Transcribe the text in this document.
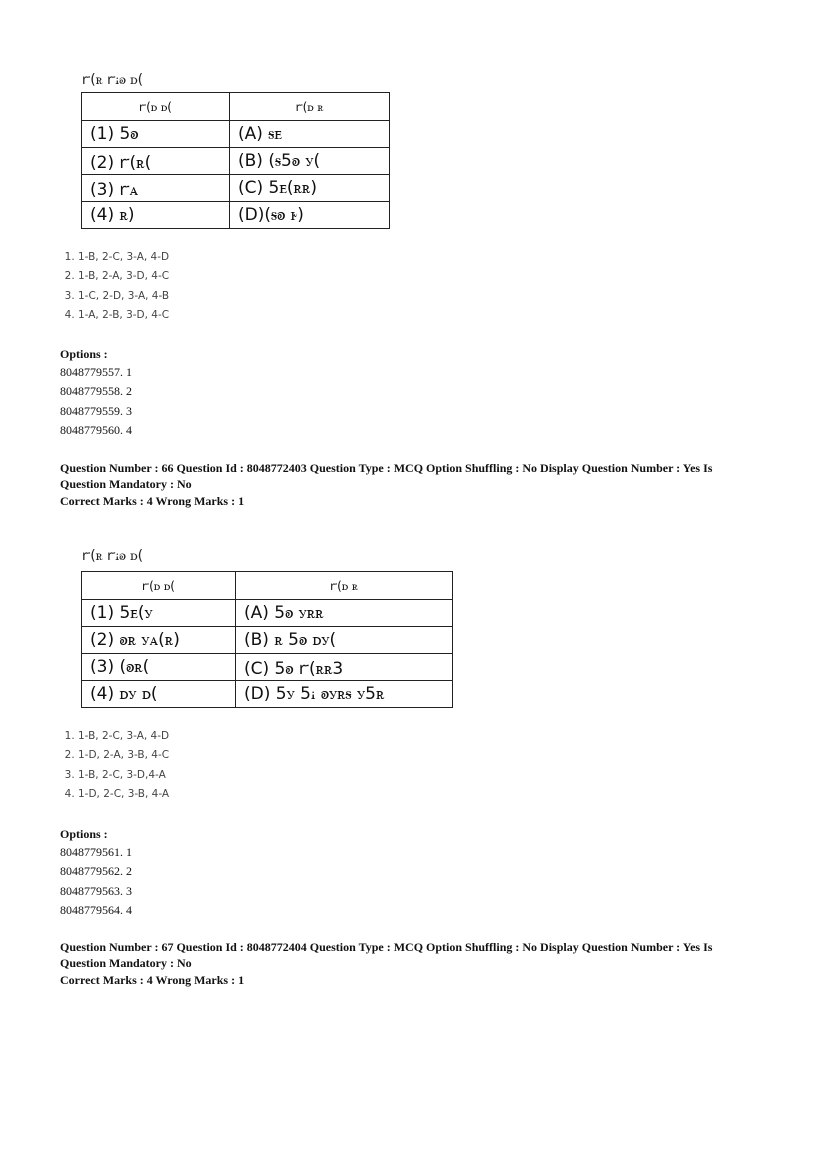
ꭈ(ꭱ ꭈꭵꭷ ꭰ(
ꭈ(ꭰ ꭰ(	ꭈ(ꭰ ꭱ
(1) 5ꭷ	(A) ꭶꭼ
(2) ꭈ(ꭱ(	(B) (ꭶ5ꭷ ꭹ(
(3) ꭈꭺ	(C) 5ꭼ(ꭱꭱ)
(4) ꭱ)	(D)(ꭶꭷ ꭸ)
1. 1-B, 2-C, 3-A, 4-D
2. 1-B, 2-A, 3-D, 4-C
3. 1-C, 2-D, 3-A, 4-B
4. 1-A, 2-B, 3-D, 4-C
Options :
8048779557. 1
8048779558. 2
8048779559. 3
8048779560. 4
Question Number : 66 Question Id : 8048772403 Question Type : MCQ Option Shuffling : No Display Question Number : Yes Is
Question Mandatory : No
Correct Marks : 4 Wrong Marks : 1
ꭈ(ꭱ ꭈꭵꭷ ꭰ(
ꭈ(ꭰ ꭰ(	ꭈ(ꭰ ꭱ
(1) 5ꭼ(ꭹ	(A) 5ꭷ ꭹꭱꭱ
(2) ꭷꭱ ꭹꭺ(ꭱ)	(B) ꭱ 5ꭷ ꭰꭹ(
(3) (ꭷꭱ(	(C) 5ꭷ ꭈ(ꭱꭱ3
(4) ꭰꭹ ꭰ(	(D) 5ꭹ 5ꭵ ꭷꭹꭱꭶ ꭹ5ꭱ
1. 1-B, 2-C, 3-A, 4-D
2. 1-D, 2-A, 3-B, 4-C
3. 1-B, 2-C, 3-D,4-A
4. 1-D, 2-C, 3-B, 4-A
Options :
8048779561. 1
8048779562. 2
8048779563. 3
8048779564. 4
Question Number : 67 Question Id : 8048772404 Question Type : MCQ Option Shuffling : No Display Question Number : Yes Is
Question Mandatory : No
Correct Marks : 4 Wrong Marks : 1
